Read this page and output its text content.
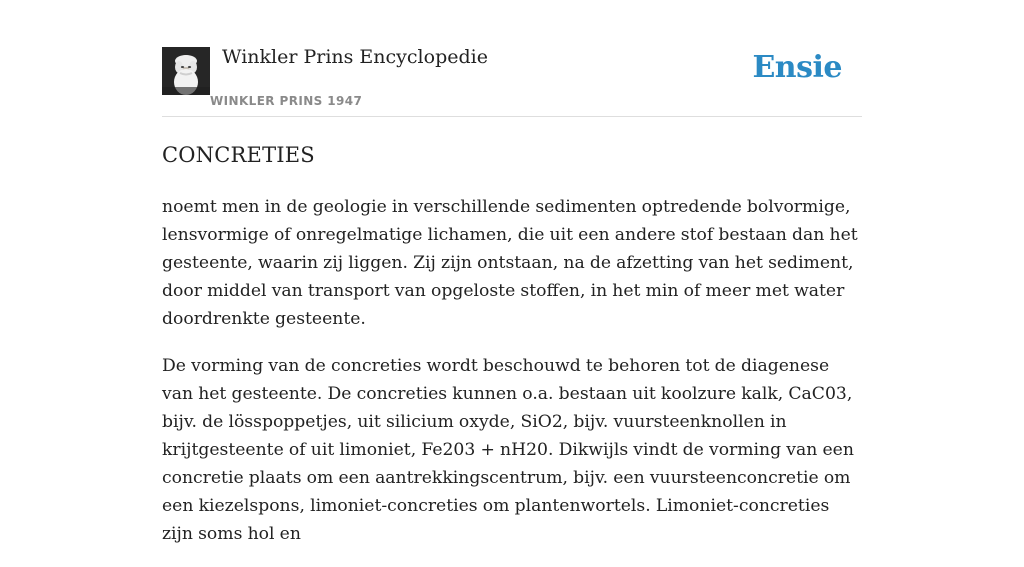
Winkler Prins Encyclopedie
WINKLER PRINS 1947
Ensie
CONCRETIES

noemt men in de geologie in verschillende sedimenten optredende bolvormige, lensvormige of onregelmatige lichamen, die uit een andere stof bestaan dan het gesteente, waarin zij liggen. Zij zijn ontstaan, na de afzetting van het sediment, door middel van transport van opgeloste stoffen, in het min of meer met water doordrenkte gesteente.

De vorming van de concreties wordt beschouwd te behoren tot de diagenese van het gesteente. De concreties kunnen o.a. bestaan uit koolzure kalk, CaC03, bijv. de lösspoppetjes, uit silicium oxyde, SiO2, bijv. vuursteenknollen in krijtgesteente of uit limoniet, Fe203 + nH20. Dikwijls vindt de vorming van een concretie plaats om een aantrekkingscentrum, bijv. een vuursteenconcretie om een kiezelspons, limoniet-concreties om plantenwortels. Limoniet-concreties zijn soms hol en
